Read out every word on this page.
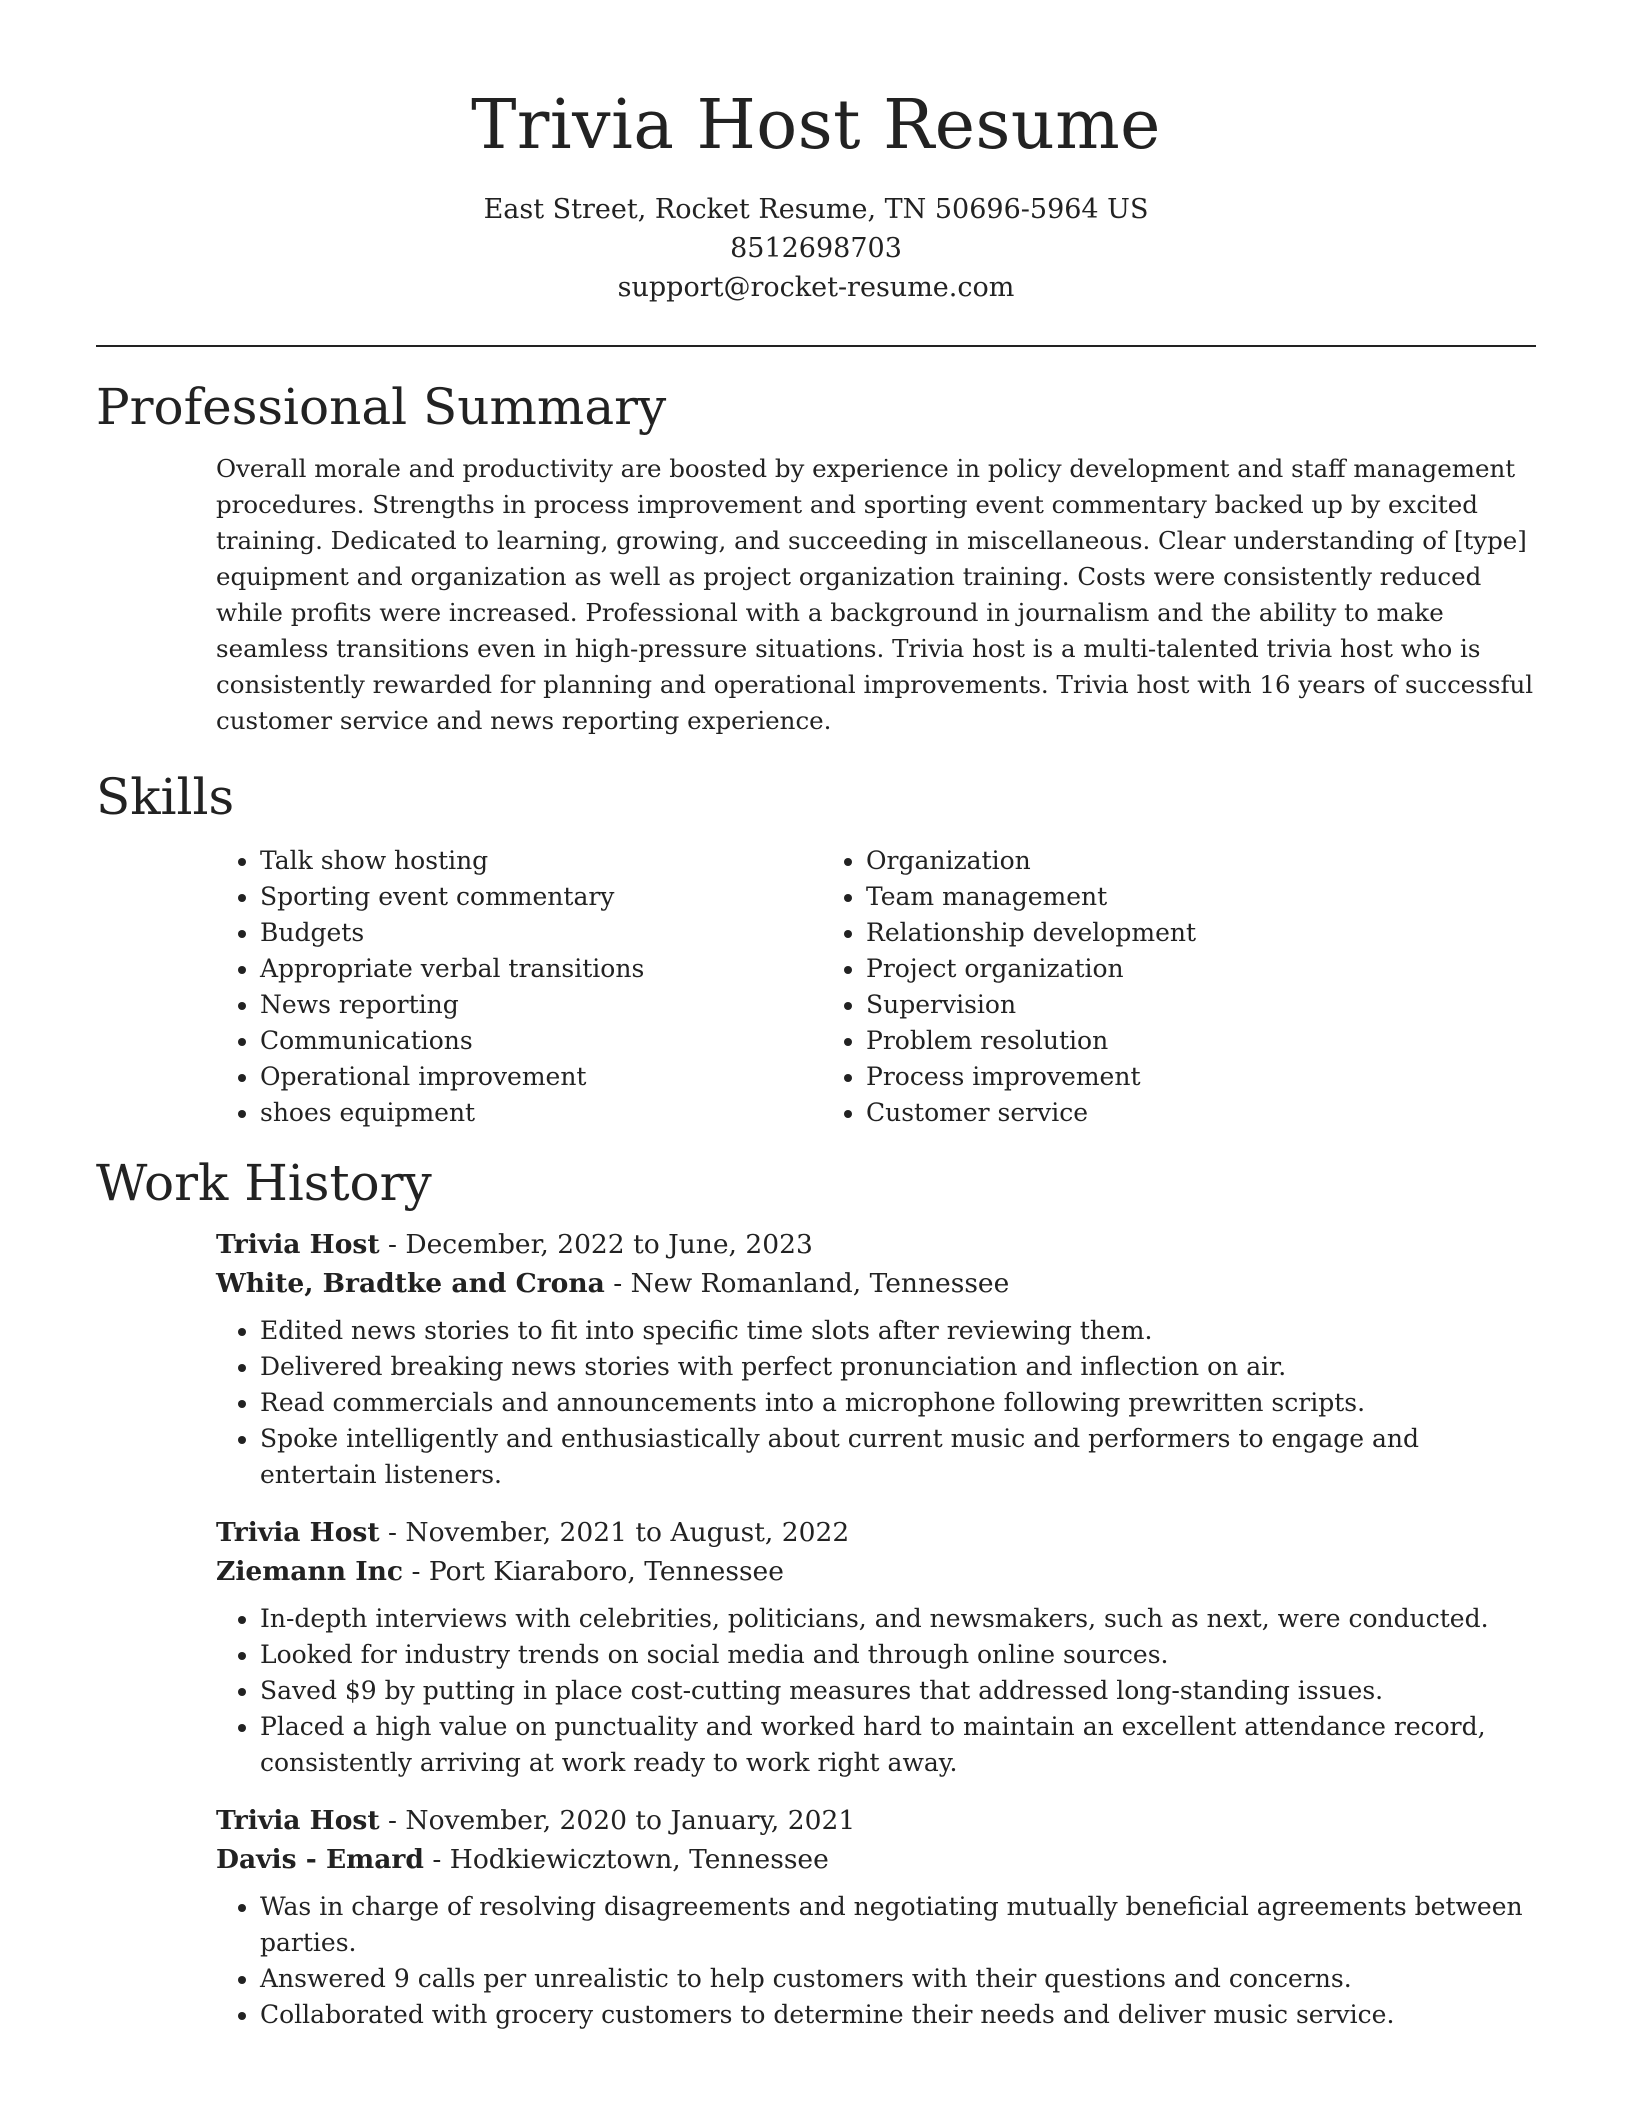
Trivia Host Resume
East Street, Rocket Resume, TN 50696-5964 US
8512698703
support@rocket-resume.com
Professional Summary

Overall morale and productivity are boosted by experience in policy development and staff management procedures. Strengths in process improvement and sporting event commentary backed up by excited training. Dedicated to learning, growing, and succeeding in miscellaneous. Clear understanding of [type] equipment and organization as well as project organization training. Costs were consistently reduced while profits were increased. Professional with a background in journalism and the ability to make seamless transitions even in high-pressure situations. Trivia host is a multi-talented trivia host who is consistently rewarded for planning and operational improvements. Trivia host with 16 years of successful customer service and news reporting experience.

Skills
• Talk show hosting
• Sporting event commentary
• Budgets
• Appropriate verbal transitions
• News reporting
• Communications
• Operational improvement
• shoes equipment
• Organization
• Team management
• Relationship development
• Project organization
• Supervision
• Problem resolution
• Process improvement
• Customer service
Work History
Trivia Host - December, 2022 to June, 2023
White, Bradtke and Crona - New Romanland, Tennessee
• Edited news stories to fit into specific time slots after reviewing them.
• Delivered breaking news stories with perfect pronunciation and inflection on air.
• Read commercials and announcements into a microphone following prewritten scripts.
• Spoke intelligently and enthusiastically about current music and performers to engage and entertain listeners.
Trivia Host - November, 2021 to August, 2022
Ziemann Inc - Port Kiaraboro, Tennessee
• In-depth interviews with celebrities, politicians, and newsmakers, such as next, were conducted.
• Looked for industry trends on social media and through online sources.
• Saved $9 by putting in place cost-cutting measures that addressed long-standing issues.
• Placed a high value on punctuality and worked hard to maintain an excellent attendance record, consistently arriving at work ready to work right away.
Trivia Host - November, 2020 to January, 2021
Davis - Emard - Hodkiewicztown, Tennessee
• Was in charge of resolving disagreements and negotiating mutually beneficial agreements between parties.
• Answered 9 calls per unrealistic to help customers with their questions and concerns.
• Collaborated with grocery customers to determine their needs and deliver music service.
